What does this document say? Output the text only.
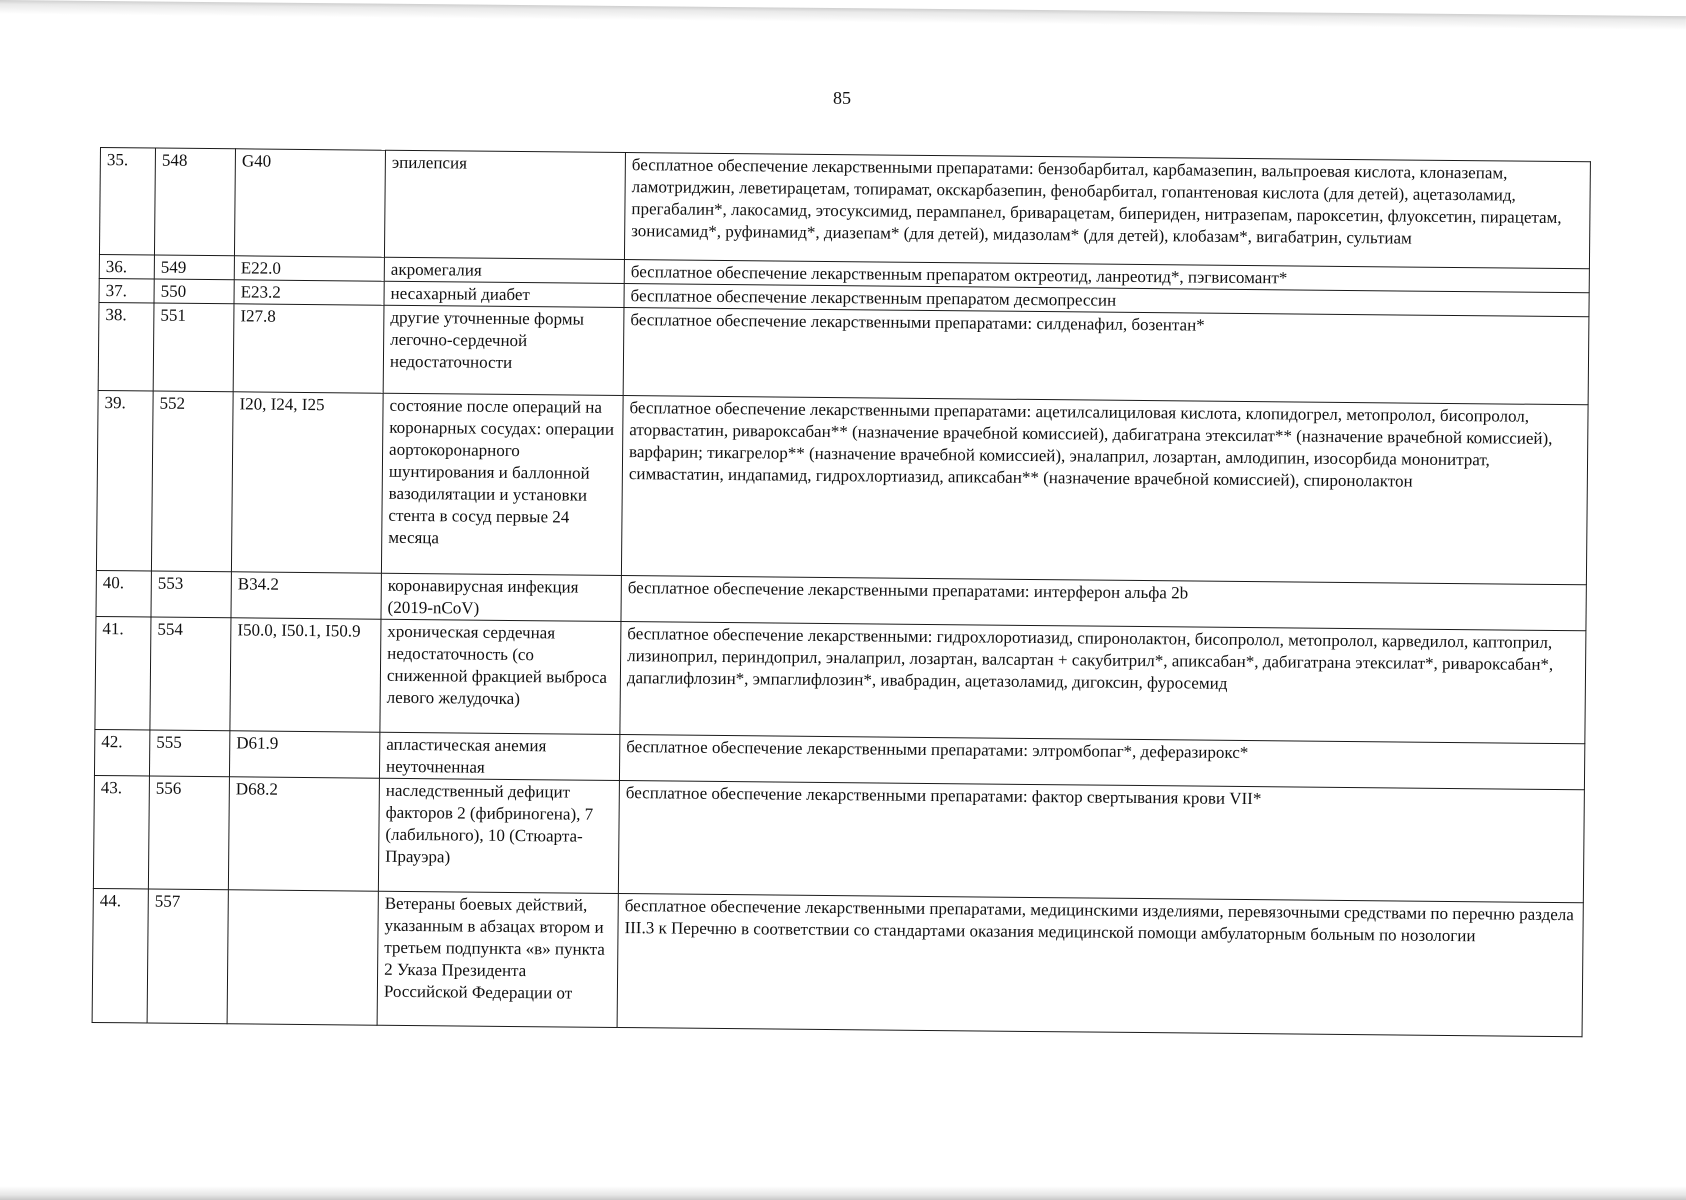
85
35.	548	G40	эпилепсия	бесплатное обеспечение лекарственными препаратами: бензобарбитал, карбамазепин, вальпроевая кислота, клоназепам, ламотриджин, леветирацетам, топирамат, окскарбазепин, фенобарбитал, гопантеновая кислота (для детей), ацетазоламид, прегабалин*, лакосамид, этосуксимид, перампанел, бриварацетам, бипериден, нитразепам, пароксетин, флуоксетин, пирацетам, зонисамид*, руфинамид*, диазепам* (для детей), мидазолам* (для детей), клобазам*, вигабатрин, сультиам
36.	549	E22.0	акромегалия	бесплатное обеспечение лекарственным препаратом октреотид, ланреотид*, пэгвисомант*
37.	550	E23.2	несахарный диабет	бесплатное обеспечение лекарственным препаратом десмопрессин
38.	551	I27.8	другие уточненные формы легочно-сердечной недостаточности	бесплатное обеспечение лекарственными препаратами: силденафил, бозентан*
39.	552	I20, I24, I25	состояние после операций на коронарных сосудах: операции аортокоронарного шунтирования и баллонной вазодилятации и установки стента в сосуд первые 24 месяца	бесплатное обеспечение лекарственными препаратами: ацетилсалициловая кислота, клопидогрел, метопролол, бисопролол, аторвастатин, ривароксабан** (назначение врачебной комиссией), дабигатрана этексилат** (назначение врачебной комиссией), варфарин; тикагрелор** (назначение врачебной комиссией), эналаприл, лозартан, амлодипин, изосорбида мононитрат, симвастатин, индапамид, гидрохлортиазид, апиксабан** (назначение врачебной комиссией), спиронолактон
40.	553	B34.2	коронавирусная инфекция (2019-nCoV)	бесплатное обеспечение лекарственными препаратами: интерферон альфа 2b
41.	554	I50.0, I50.1, I50.9	хроническая сердечная недостаточность (со сниженной фракцией выброса левого желудочка)	бесплатное обеспечение лекарственными: гидрохлоротиазид, спиронолактон, бисопролол, метопролол, карведилол, каптоприл, лизиноприл, периндоприл, эналаприл, лозартан, валсартан + сакубитрил*, апиксабан*, дабигатрана этексилат*, ривароксабан*, дапаглифлозин*, эмпаглифлозин*, ивабрадин, ацетазоламид, дигоксин, фуросемид
42.	555	D61.9	апластическая анемия неуточненная	бесплатное обеспечение лекарственными препаратами: элтромбопаг*, деферазирокс*
43.	556	D68.2	наследственный дефицит факторов 2 (фибриногена), 7 (лабильного), 10 (Стюарта-Прауэра)	бесплатное обеспечение лекарственными препаратами: фактор свертывания крови VII*
44.	557		Ветераны боевых действий, указанным в абзацах втором и третьем подпункта «в» пункта 2 Указа Президента Российской Федерации от	бесплатное обеспечение лекарственными препаратами, медицинскими изделиями, перевязочными средствами по перечню раздела III.3 к Перечню в соответствии со стандартами оказания медицинской помощи амбулаторным больным по нозологии
